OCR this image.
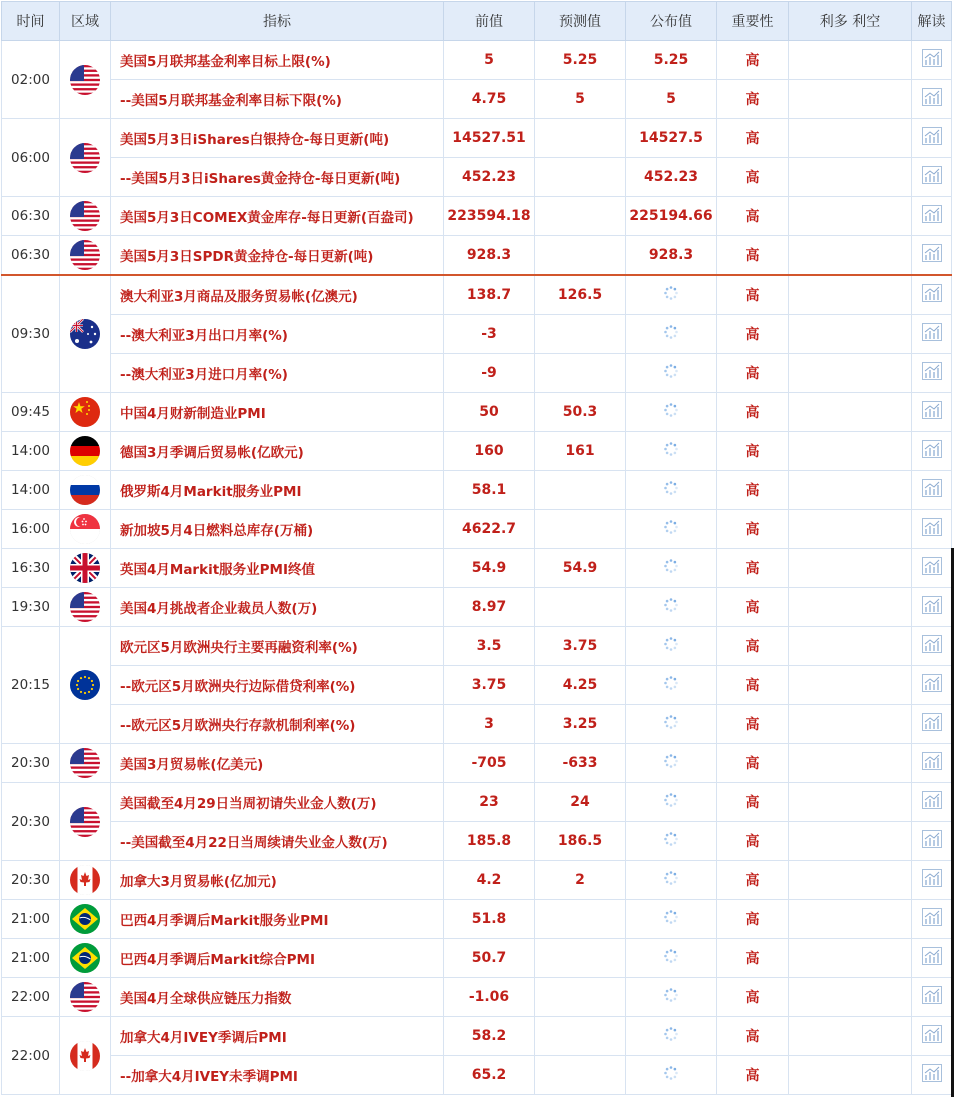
时间	区域	指标	前值	预测值	公布值	重要性	利多 利空	解读
02:00		美国5月联邦基金利率目标上限(%)	5	5.25	5.25	高		
		--美国5月联邦基金利率目标下限(%)	4.75	5	5	高		
06:00		美国5月3日iShares白银持仓-每日更新(吨)	14527.51		14527.5	高		
		--美国5月3日iShares黄金持仓-每日更新(吨)	452.23		452.23	高		
06:30		美国5月3日COMEX黄金库存-每日更新(百盎司)	223594.18		225194.66	高		
06:30		美国5月3日SPDR黄金持仓-每日更新(吨)	928.3		928.3	高		
09:30		澳大利亚3月商品及服务贸易帐(亿澳元)	138.7	126.5		高		
		--澳大利亚3月出口月率(%)	-3			高		
		--澳大利亚3月进口月率(%)	-9			高		
09:45		中国4月财新制造业PMI	50	50.3		高		
14:00		德国3月季调后贸易帐(亿欧元)	160	161		高		
14:00		俄罗斯4月Markit服务业PMI	58.1			高		
16:00		新加坡5月4日燃料总库存(万桶)	4622.7			高		
16:30		英国4月Markit服务业PMI终值	54.9	54.9		高		
19:30		美国4月挑战者企业裁员人数(万)	8.97			高		
20:15		欧元区5月欧洲央行主要再融资利率(%)	3.5	3.75		高		
		--欧元区5月欧洲央行边际借贷利率(%)	3.75	4.25		高		
		--欧元区5月欧洲央行存款机制利率(%)	3	3.25		高		
20:30		美国3月贸易帐(亿美元)	-705	-633		高		
20:30		美国截至4月29日当周初请失业金人数(万)	23	24		高		
		--美国截至4月22日当周续请失业金人数(万)	185.8	186.5		高		
20:30		加拿大3月贸易帐(亿加元)	4.2	2		高		
21:00		巴西4月季调后Markit服务业PMI	51.8			高		
21:00		巴西4月季调后Markit综合PMI	50.7			高		
22:00		美国4月全球供应链压力指数	-1.06			高		
22:00		加拿大4月IVEY季调后PMI	58.2			高		
		--加拿大4月IVEY未季调PMI	65.2			高		
